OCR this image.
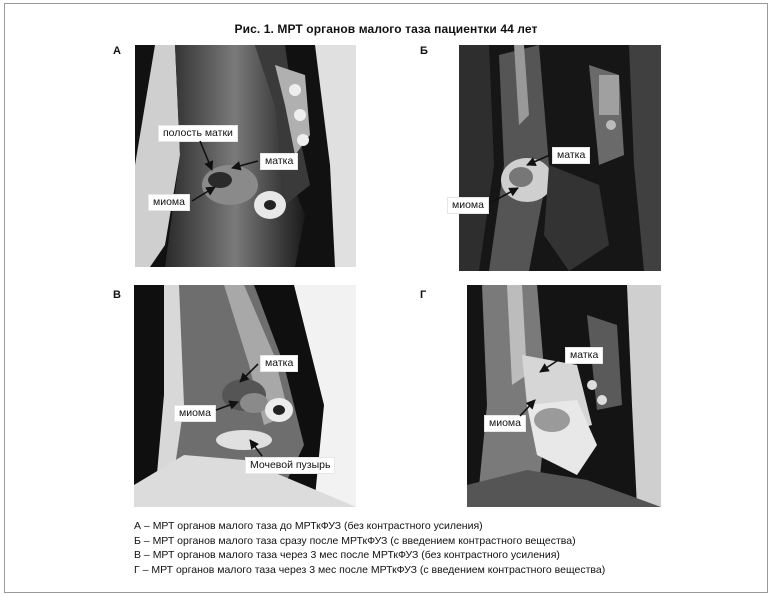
Рис. 1. МРТ органов малого таза пациентки 44 лет
А
полость матки
матка
миома
Б
матка
миома
В
матка
миома
Мочевой пузырь
Г
матка
миома
А – МРТ органов малого таза до МРТкФУЗ (без контрастного усиления)
Б – МРТ органов малого таза сразу после МРТкФУЗ (с введением контрастного вещества)
В – МРТ органов малого таза через 3 мес после МРТкФУЗ (без контрастного усиления)
Г – МРТ органов малого таза через 3 мес после МРТкФУЗ (с введением контрастного вещества)
